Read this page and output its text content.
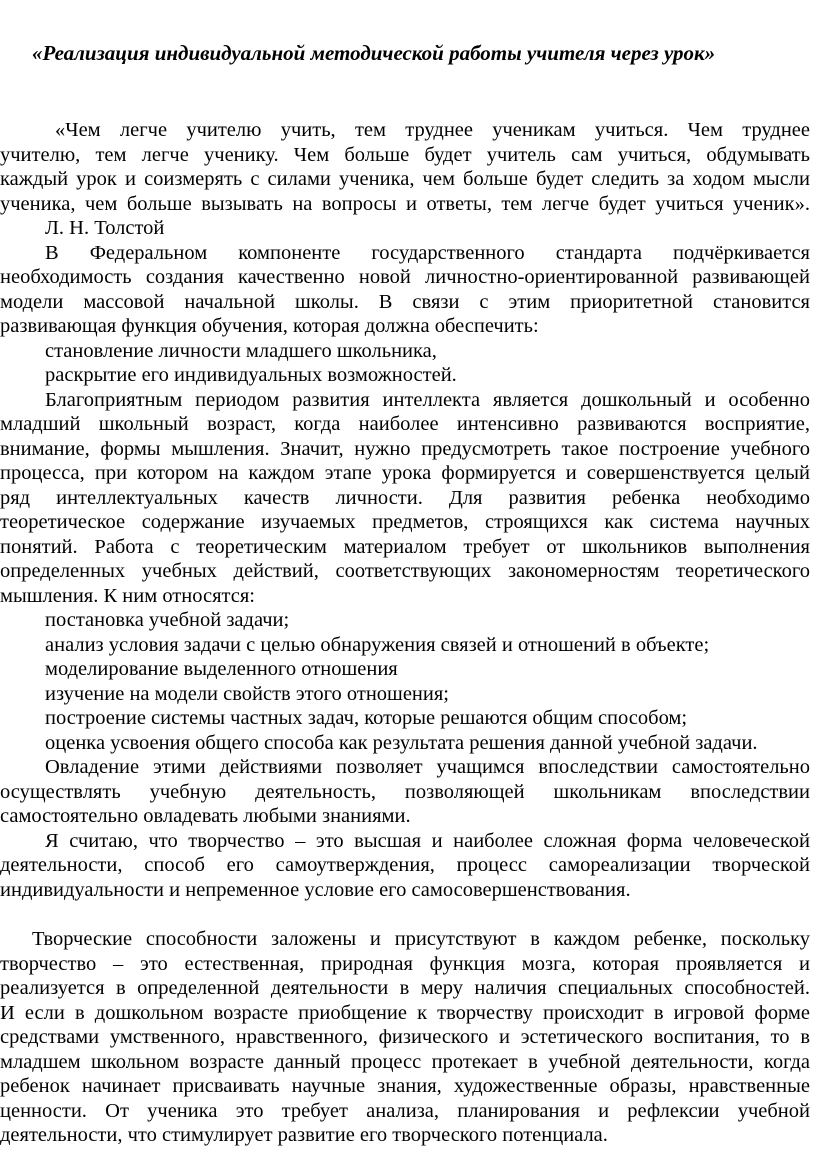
«Реализация индивидуальной методической работы учителя через урок»
«Чем легче учителю учить, тем труднее ученикам учиться. Чем труднее
учителю, тем легче ученику. Чем больше будет учитель сам учиться, обдумывать
каждый урок и соизмерять с силами ученика, чем больше будет следить за ходом мысли
ученика, чем больше вызывать на вопросы и ответы, тем легче будет учиться ученик».
Л. Н. Толстой
В Федеральном компоненте государственного стандарта подчёркивается
необходимость создания качественно новой личностно-ориентированной развивающей
модели массовой начальной школы. В связи с этим приоритетной становится
развивающая функция обучения, которая должна обеспечить:
становление личности младшего школьника,
раскрытие его индивидуальных возможностей.
Благоприятным периодом развития интеллекта является дошкольный и особенно
младший школьный возраст, когда наиболее интенсивно развиваются восприятие,
внимание, формы мышления. Значит, нужно предусмотреть такое построение учебного
процесса, при котором на каждом этапе урока формируется и совершенствуется целый
ряд интеллектуальных качеств личности. Для развития ребенка необходимо
теоретическое содержание изучаемых предметов, строящихся как система научных
понятий. Работа с теоретическим материалом требует от школьников выполнения
определенных учебных действий, соответствующих закономерностям теоретического
мышления. К ним относятся:
постановка учебной задачи;
анализ условия задачи с целью обнаружения связей и отношений в объекте;
моделирование выделенного отношения
изучение на модели свойств этого отношения;
построение системы частных задач, которые решаются общим способом;
оценка усвоения общего способа как результата решения данной учебной задачи.
Овладение этими действиями позволяет учащимся впоследствии самостоятельно
осуществлять учебную деятельность, позволяющей школьникам впоследствии
самостоятельно овладевать любыми знаниями.
Я считаю, что творчество – это высшая и наиболее сложная форма человеческой
деятельности, способ его самоутверждения, процесс самореализации творческой
индивидуальности и непременное условие его самосовершенствования.
Творческие способности заложены и присутствуют в каждом ребенке, поскольку
творчество – это естественная, природная функция мозга, которая проявляется и
реализуется в определенной деятельности в меру наличия специальных способностей.
И если в дошкольном возрасте приобщение к творчеству происходит в игровой форме
средствами умственного, нравственного, физического и эстетического воспитания, то в
младшем школьном возрасте данный процесс протекает в учебной деятельности, когда
ребенок начинает присваивать научные знания, художественные образы, нравственные
ценности. От ученика это требует анализа, планирования и рефлексии учебной
деятельности, что стимулирует развитие его творческого потенциала.
